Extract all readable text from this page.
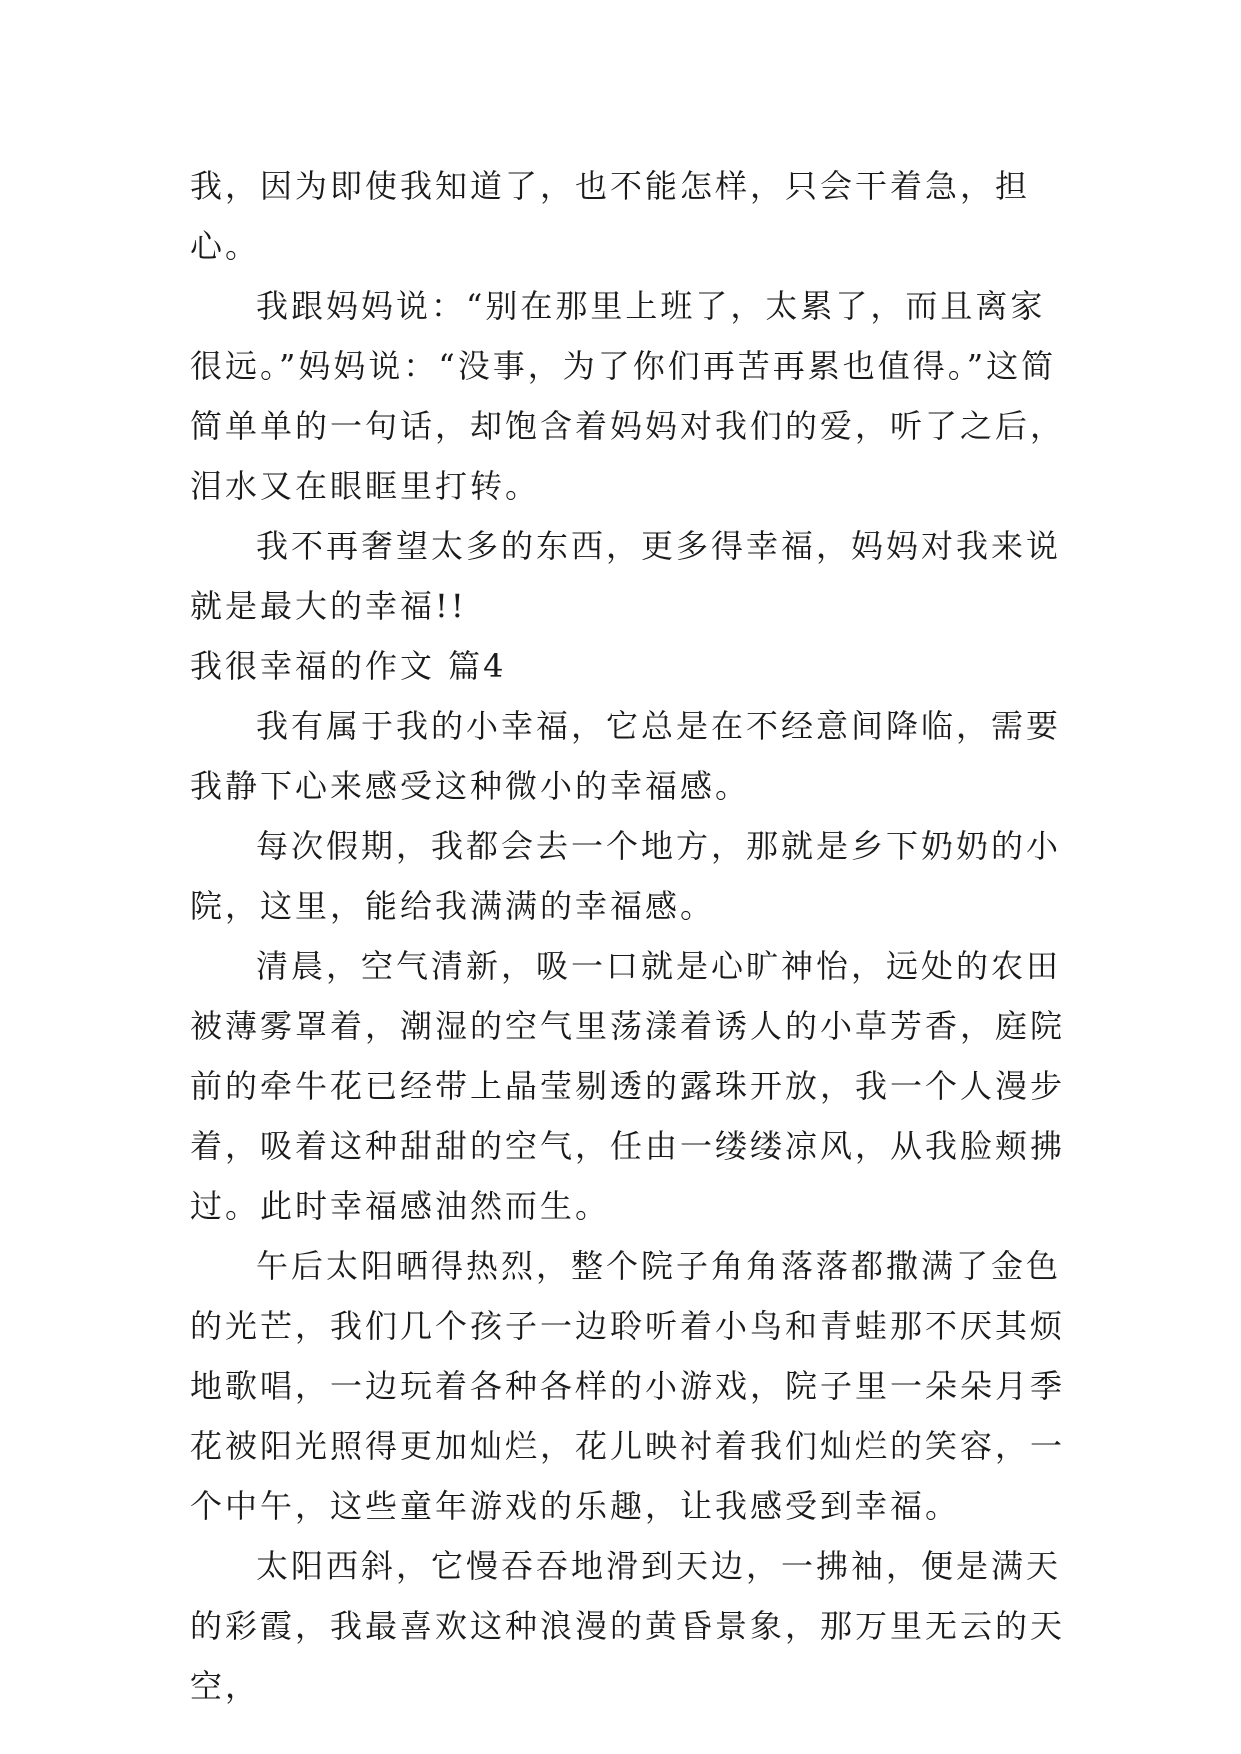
我，因为即使我知道了，也不能怎样，只会干着急，担心。

我跟妈妈说：“别在那里上班了，太累了，而且离家很远。”妈妈说：“没事，为了你们再苦再累也值得。”这简简单单的一句话，却饱含着妈妈对我们的爱，听了之后，泪水又在眼眶里打转。

我不再奢望太多的东西，更多得幸福，妈妈对我来说就是最大的幸福!!

我很幸福的作文 篇4

我有属于我的小幸福，它总是在不经意间降临，需要我静下心来感受这种微小的幸福感。

每次假期，我都会去一个地方，那就是乡下奶奶的小院，这里，能给我满满的幸福感。

清晨，空气清新，吸一口就是心旷神怡，远处的农田被薄雾罩着，潮湿的空气里荡漾着诱人的小草芳香，庭院前的牵牛花已经带上晶莹剔透的露珠开放，我一个人漫步着，吸着这种甜甜的空气，任由一缕缕凉风，从我脸颊拂过。此时幸福感油然而生。

午后太阳晒得热烈，整个院子角角落落都撒满了金色的光芒，我们几个孩子一边聆听着小鸟和青蛙那不厌其烦地歌唱，一边玩着各种各样的小游戏，院子里一朵朵月季花被阳光照得更加灿烂，花儿映衬着我们灿烂的笑容，一个中午，这些童年游戏的乐趣，让我感受到幸福。

太阳西斜，它慢吞吞地滑到天边，一拂袖，便是满天的彩霞，我最喜欢这种浪漫的黄昏景象，那万里无云的天空，
